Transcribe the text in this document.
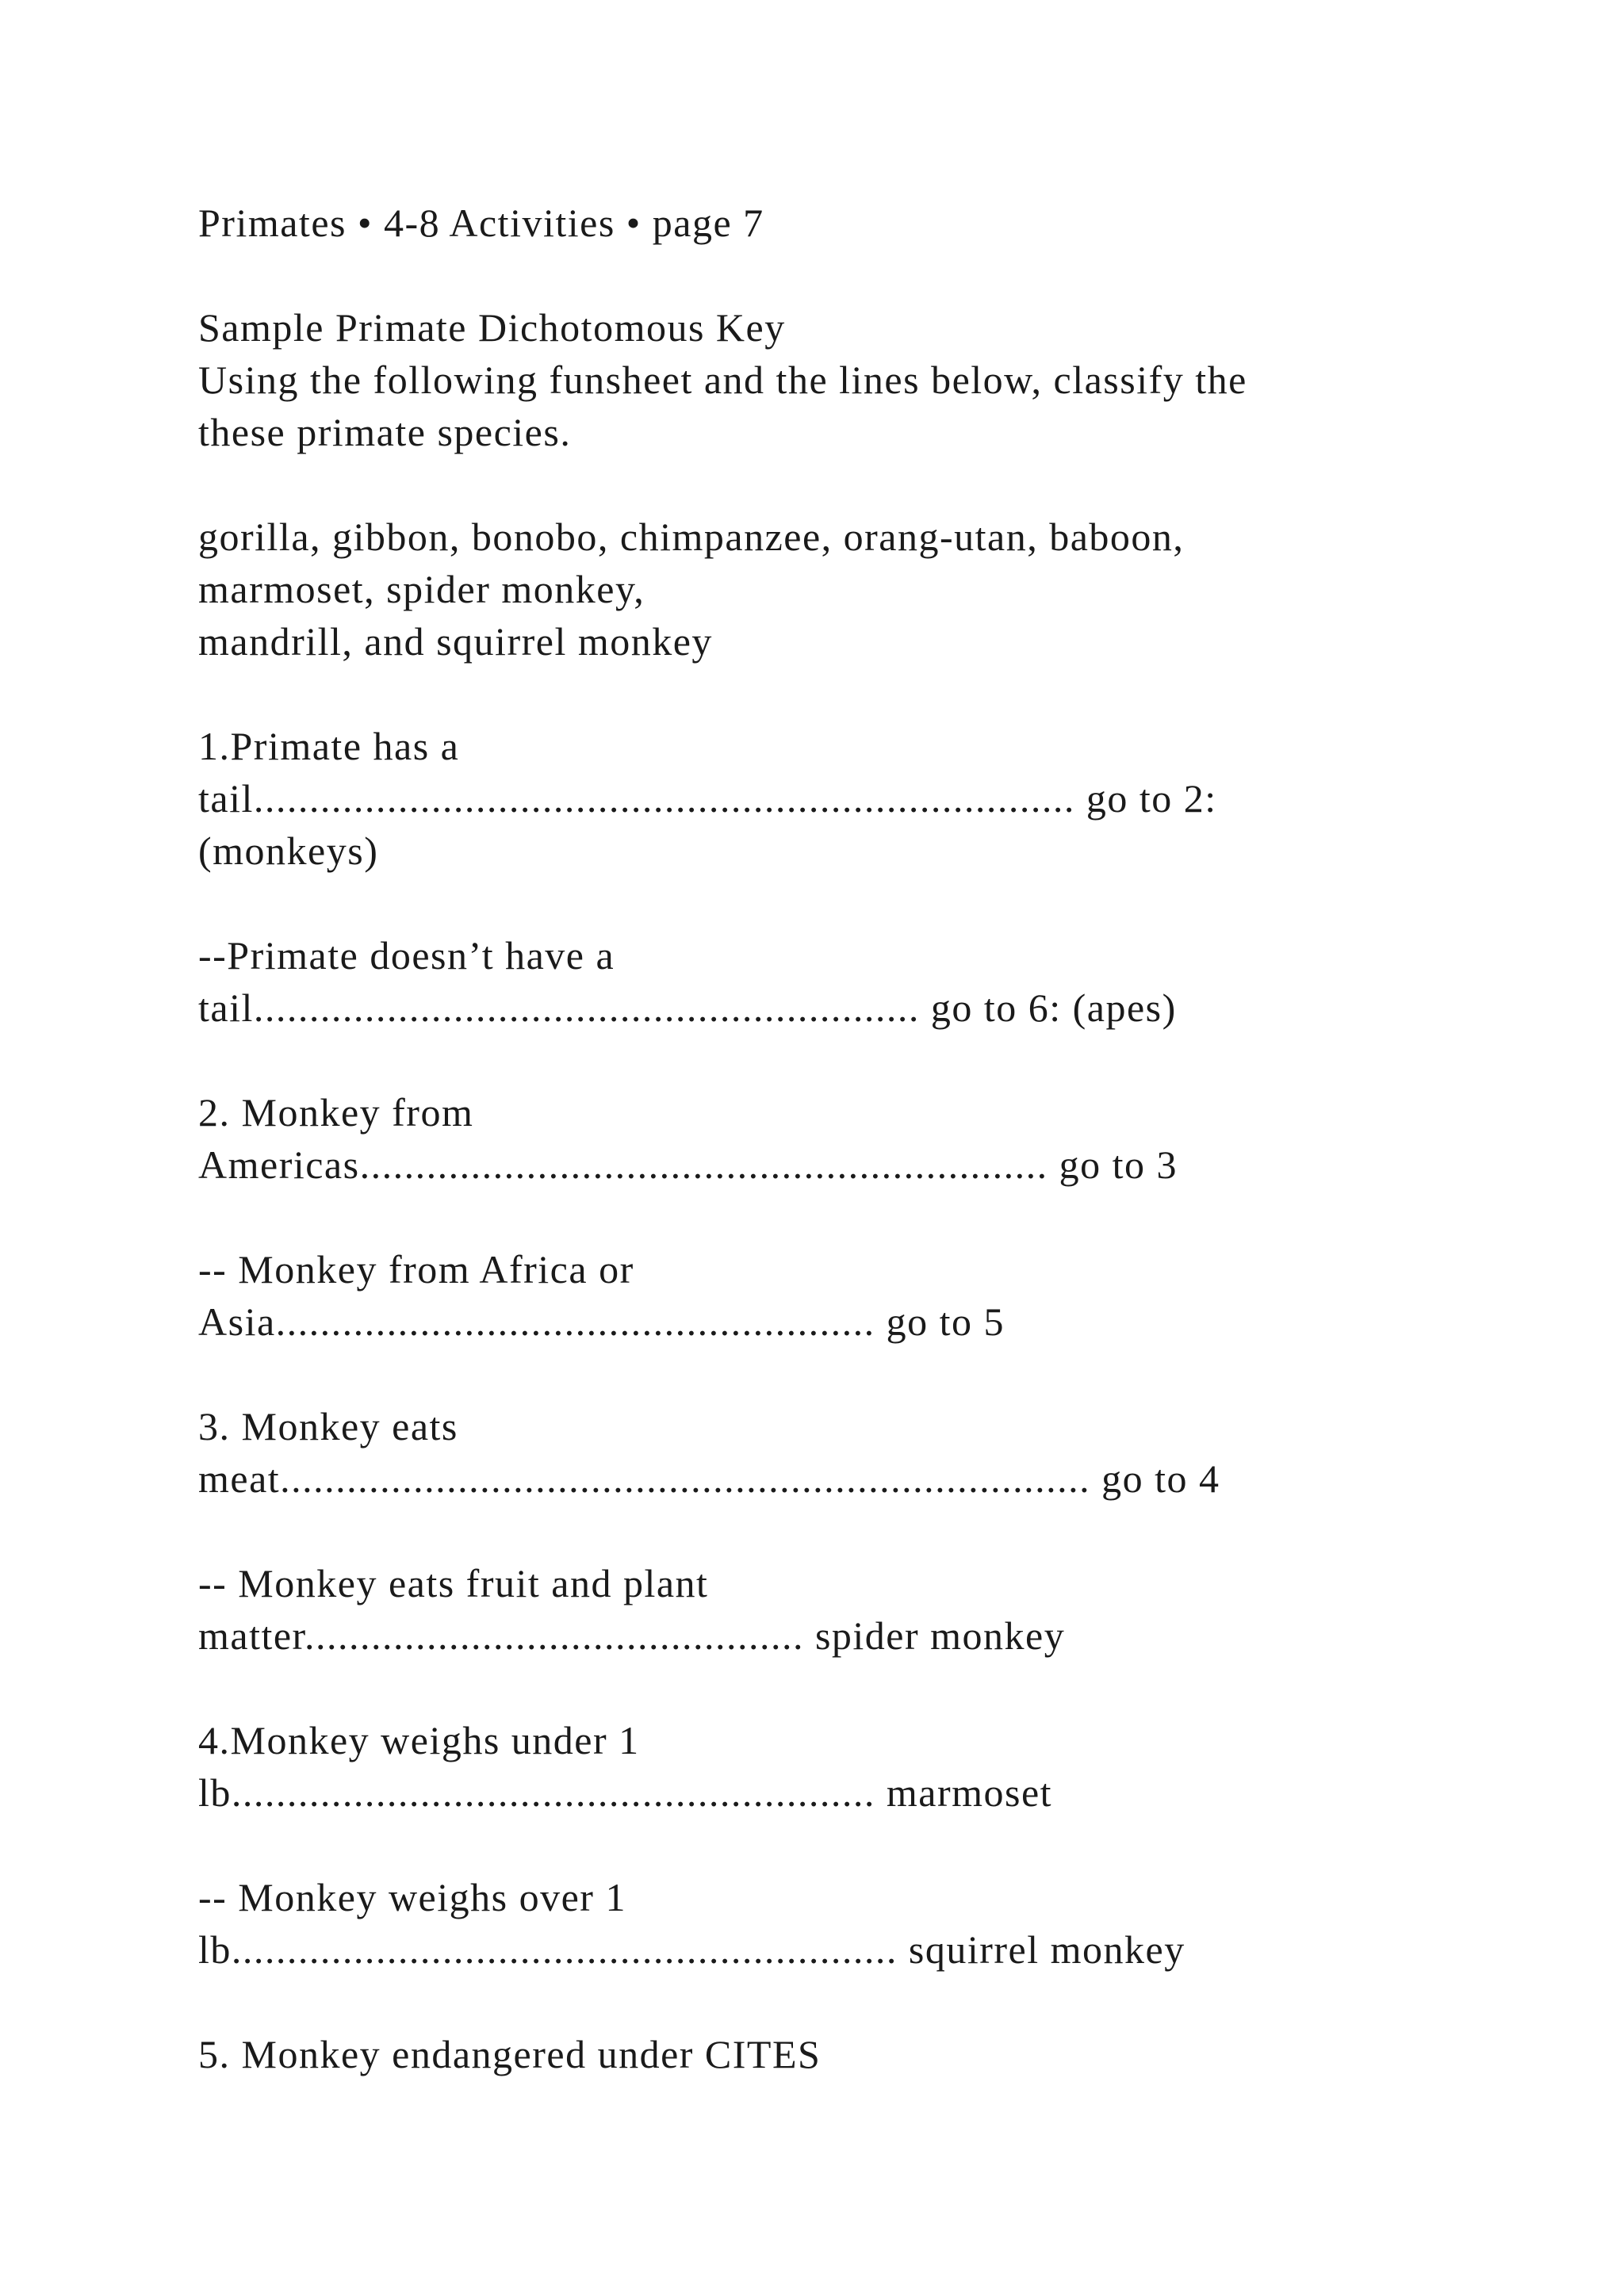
Primates • 4-8 Activities • page 7
Sample Primate Dichotomous Key
Using the following funsheet and the lines below, classify the
these primate species.
gorilla, gibbon, bonobo, chimpanzee, orang-utan, baboon,
marmoset, spider monkey,
mandrill, and squirrel monkey
1.Primate has a
tail.......................................................................... go to 2:
(monkeys)
--Primate doesn’t have a
tail............................................................ go to 6: (apes)
2. Monkey from
Americas.............................................................. go to 3
-- Monkey from Africa or
Asia...................................................... go to 5
3. Monkey eats
meat......................................................................... go to 4
-- Monkey eats fruit and plant
matter............................................. spider monkey
4.Monkey weighs under 1
lb.......................................................... marmoset
-- Monkey weighs over 1
lb............................................................ squirrel monkey
5. Monkey endangered under CITES
